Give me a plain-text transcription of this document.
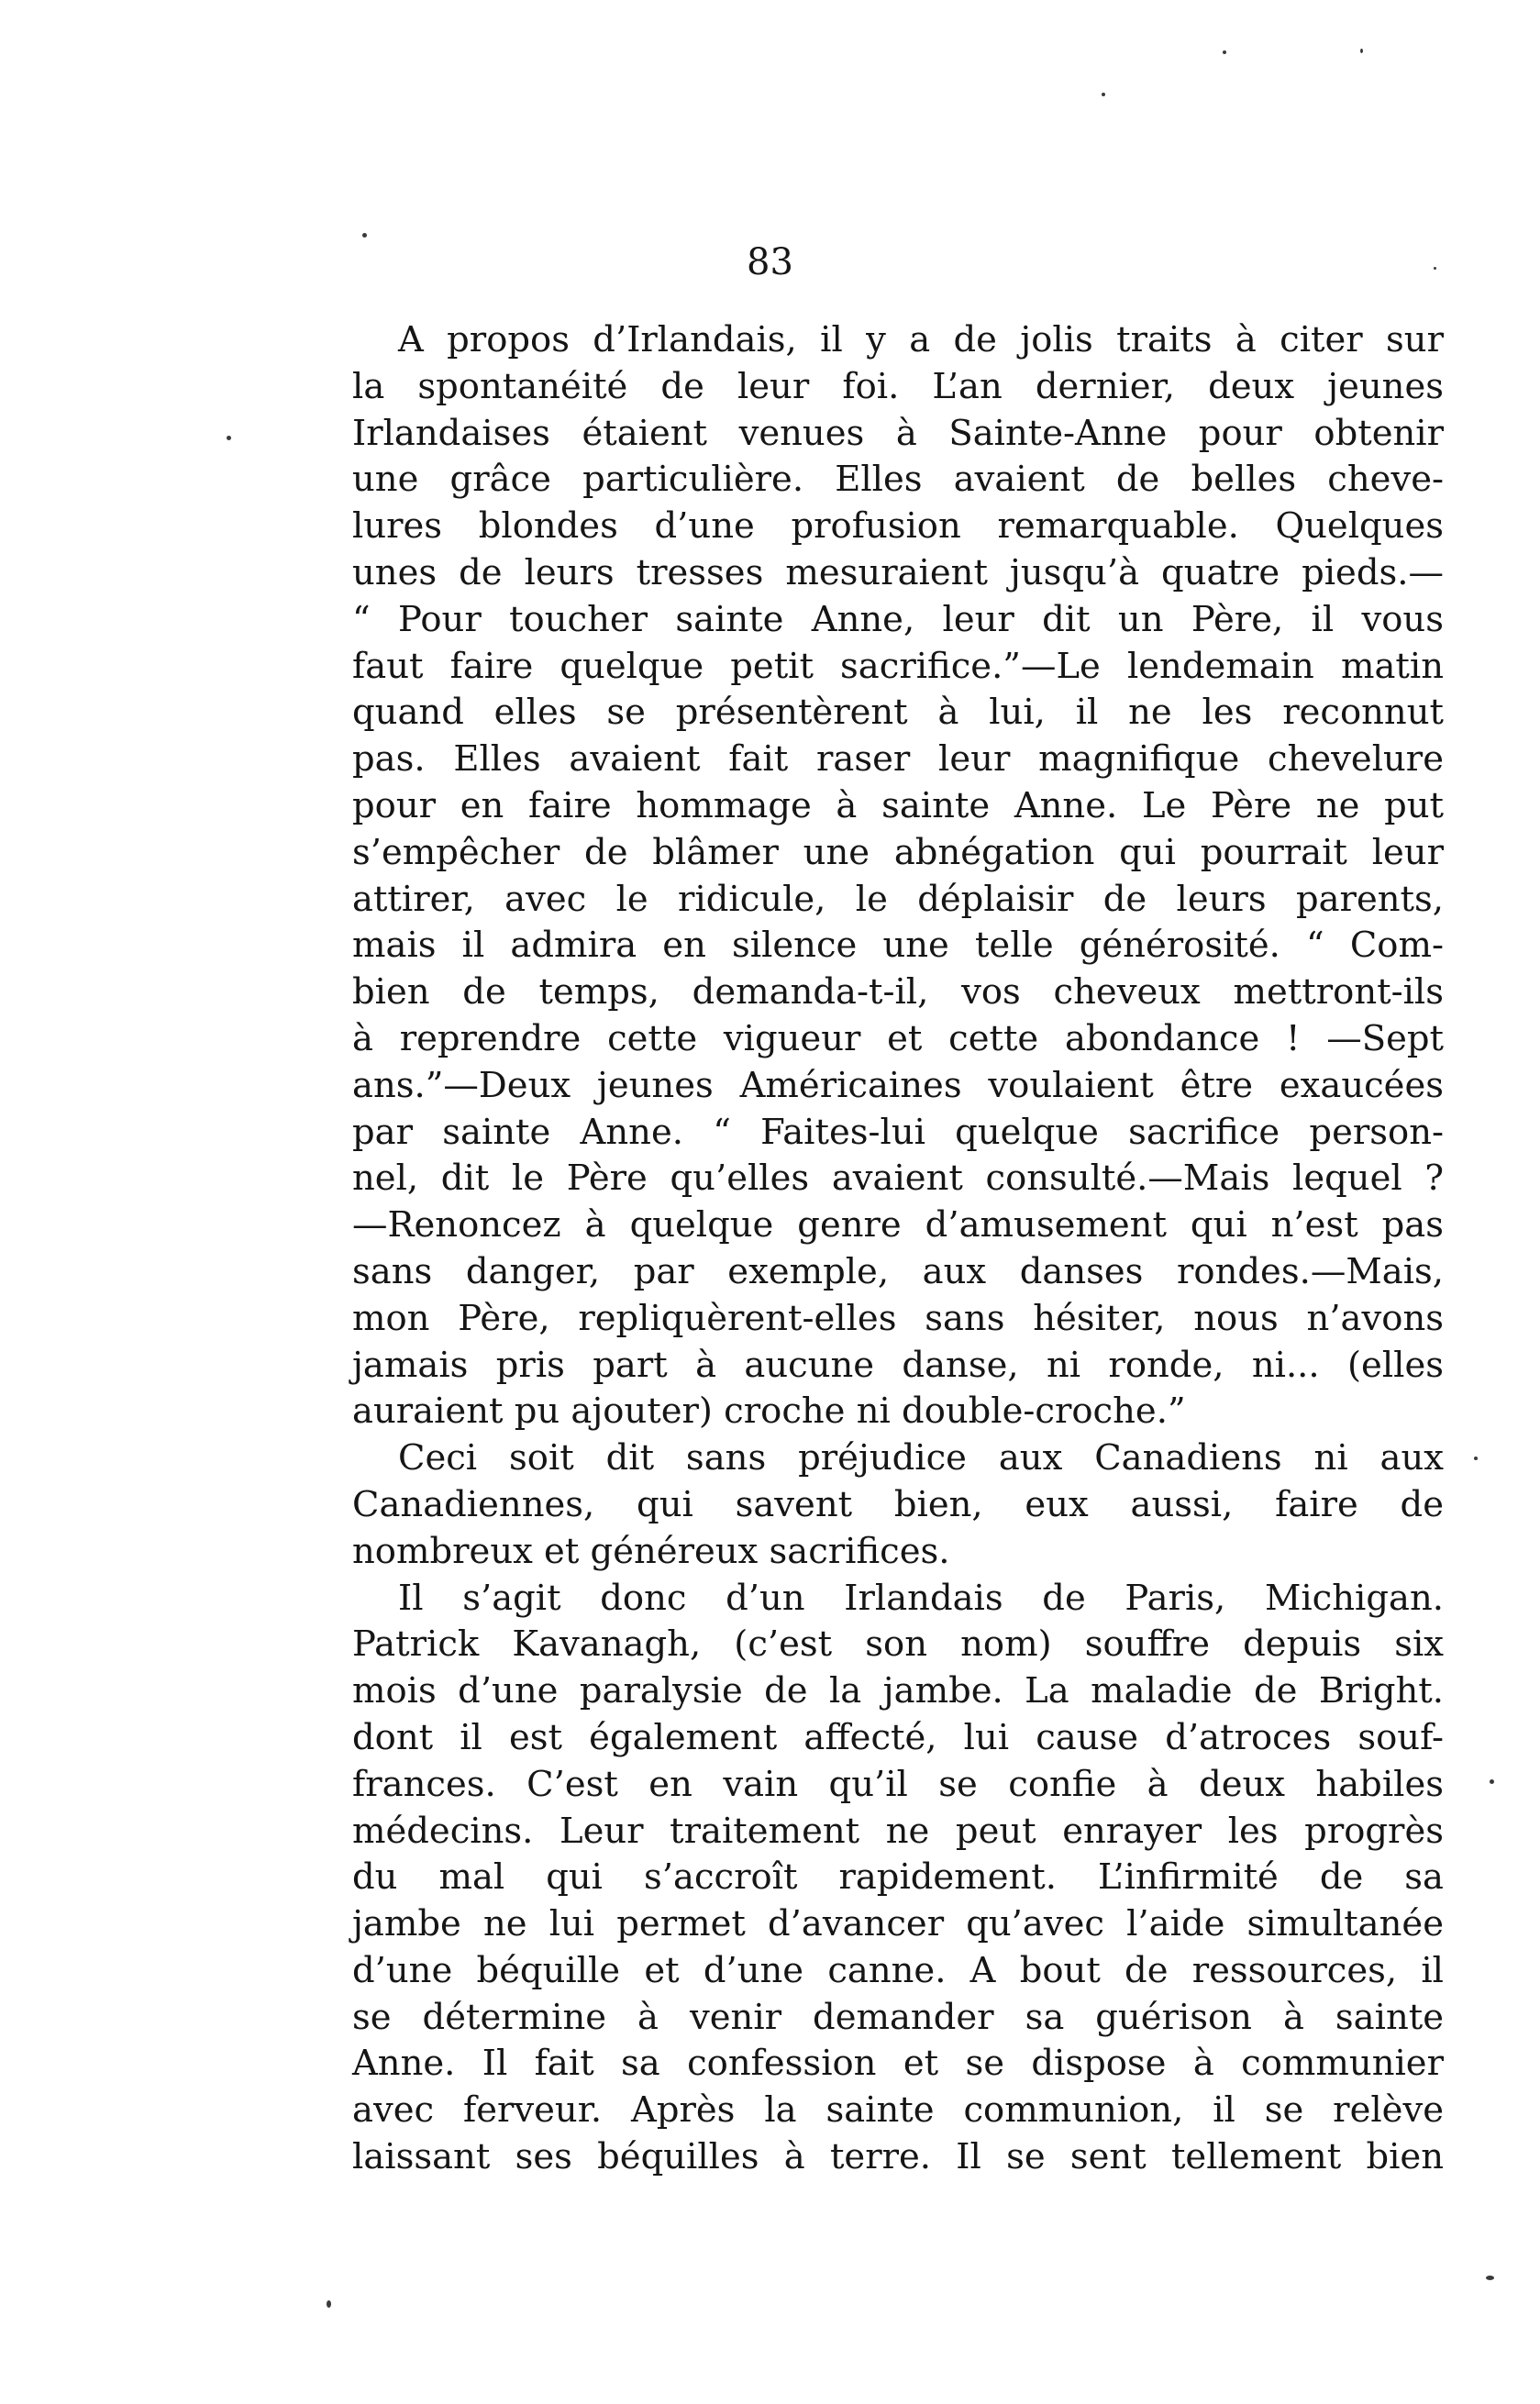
83
A propos d’Irlandais, il y a de jolis traits à citer sur
la spontanéité de leur foi. L’an dernier, deux jeunes
Irlandaises étaient venues à Sainte-Anne pour obtenir
une grâce particulière. Elles avaient de belles cheve-
lures blondes d’une profusion remarquable. Quelques
unes de leurs tresses mesuraient jusqu’à quatre pieds.—
“ Pour toucher sainte Anne, leur dit un Père, il vous
faut faire quelque petit sacrifice.”—Le lendemain matin
quand elles se présentèrent à lui, il ne les reconnut
pas. Elles avaient fait raser leur magnifique chevelure
pour en faire hommage à sainte Anne. Le Père ne put
s’empêcher de blâmer une abnégation qui pourrait leur
attirer, avec le ridicule, le déplaisir de leurs parents,
mais il admira en silence une telle générosité. “ Com-
bien de temps, demanda-t-il, vos cheveux mettront-ils
à reprendre cette vigueur et cette abondance ! —Sept
ans.”—Deux jeunes Américaines voulaient être exaucées
par sainte Anne. “ Faites-lui quelque sacrifice person-
nel, dit le Père qu’elles avaient consulté.—Mais lequel ?
—Renoncez à quelque genre d’amusement qui n’est pas
sans danger, par exemple, aux danses rondes.—Mais,
mon Père, repliquèrent-elles sans hésiter, nous n’avons
jamais pris part à aucune danse, ni ronde, ni... (elles
auraient pu ajouter) croche ni double-croche.”
Ceci soit dit sans préjudice aux Canadiens ni aux
Canadiennes, qui savent bien, eux aussi, faire de
nombreux et généreux sacrifices.
Il s’agit donc d’un Irlandais de Paris, Michigan.
Patrick Kavanagh, (c’est son nom) souffre depuis six
mois d’une paralysie de la jambe. La maladie de Bright.
dont il est également affecté, lui cause d’atroces souf-
frances. C’est en vain qu’il se confie à deux habiles
médecins. Leur traitement ne peut enrayer les progrès
du mal qui s’accroît rapidement. L’infirmité de sa
jambe ne lui permet d’avancer qu’avec l’aide simultanée
d’une béquille et d’une canne. A bout de ressources, il
se détermine à venir demander sa guérison à sainte
Anne. Il fait sa confession et se dispose à communier
avec ferveur. Après la sainte communion, il se relève
laissant ses béquilles à terre. Il se sent tellement bien
